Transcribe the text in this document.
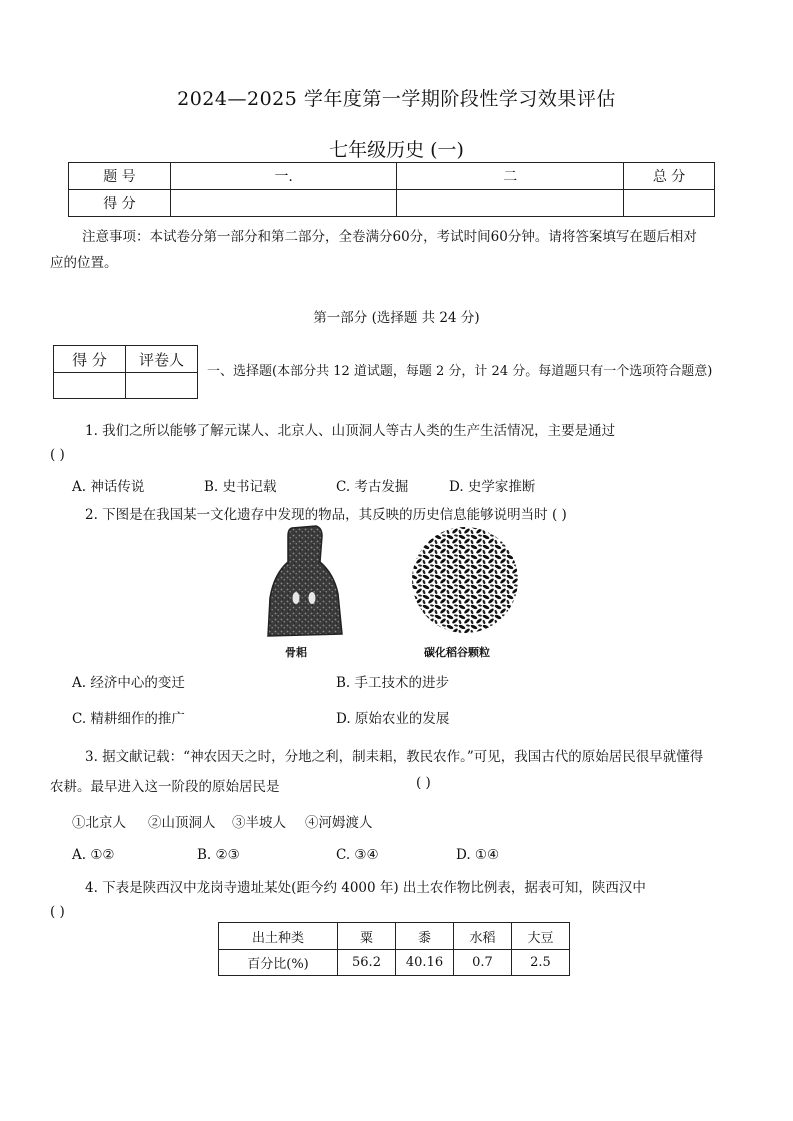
2024—2025 学年度第一学期阶段性学习效果评估
七年级历史 (一)
题 号	一.	二	总 分
得 分			
注意事项：本试卷分第一部分和第二部分，全卷满分60分，考试时间60分钟。请将答案填写在题后相对
应的位置。
第一部分 (选择题 共 24 分)
得 分	评卷人

一、选择题(本部分共 12 道试题，每题 2 分，计 24 分。每道题只有一个选项符合题意)
1. 我们之所以能够了解元谋人、北京人、山顶洞人等古人类的生产生活情况，主要是通过
( )
A. 神话传说	B. 史书记载	C. 考古发掘	D. 史学家推断
2. 下图是在我国某一文化遗存中发现的物品，其反映的历史信息能够说明当时 ( )
骨耜	碳化稻谷颗粒
A. 经济中心的变迁	B. 手工技术的进步
C. 精耕细作的推广	D. 原始农业的发展
3. 据文献记载：“神农因天之时，分地之利，制耒耜，教民农作。”可见，我国古代的原始居民很早就懂得
农耕。最早进入这一阶段的原始居民是	( )
①北京人 ②山顶洞人 ③半坡人 ④河姆渡人
A. ①②	B. ②③	C. ③④	D. ①④
4. 下表是陕西汉中龙岗寺遗址某处(距今约 4000 年) 出土农作物比例表，据表可知，陕西汉中
( )
出土种类	粟	黍	水稻	大豆
百分比(%)	56.2	40.16	0.7	2.5
